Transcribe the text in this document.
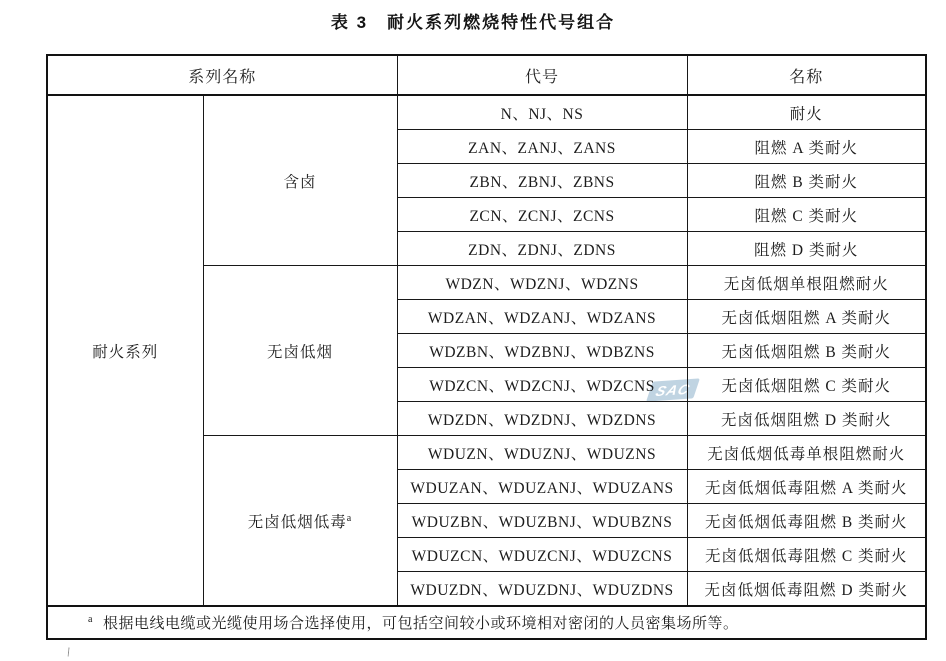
表 3　耐火系列燃烧特性代号组合
SAC
系列名称		代号	名称
耐火系列	含卤	N、NJ、NS	耐火
		ZAN、ZANJ、ZANS	阻燃 A 类耐火
		ZBN、ZBNJ、ZBNS	阻燃 B 类耐火
		ZCN、ZCNJ、ZCNS	阻燃 C 类耐火
		ZDN、ZDNJ、ZDNS	阻燃 D 类耐火
	无卤低烟	WDZN、WDZNJ、WDZNS	无卤低烟单根阻燃耐火
		WDZAN、WDZANJ、WDZANS	无卤低烟阻燃 A 类耐火
		WDZBN、WDZBNJ、WDBZNS	无卤低烟阻燃 B 类耐火
		WDZCN、WDZCNJ、WDZCNS	无卤低烟阻燃 C 类耐火
		WDZDN、WDZDNJ、WDZDNS	无卤低烟阻燃 D 类耐火
	无卤低烟低毒$^a$	WDUZN、WDUZNJ、WDUZNS	无卤低烟低毒单根阻燃耐火
		WDUZAN、WDUZANJ、WDUZANS	无卤低烟低毒阻燃 A 类耐火
		WDUZBN、WDUZBNJ、WDUBZNS	无卤低烟低毒阻燃 B 类耐火
		WDUZCN、WDUZCNJ、WDUZCNS	无卤低烟低毒阻燃 C 类耐火
		WDUZDN、WDUZDNJ、WDUZDNS	无卤低烟低毒阻燃 D 类耐火
$^a$ 根据电线电缆或光缆使用场合选择使用，可包括空间较小或环境相对密闭的人员密集场所等。			
